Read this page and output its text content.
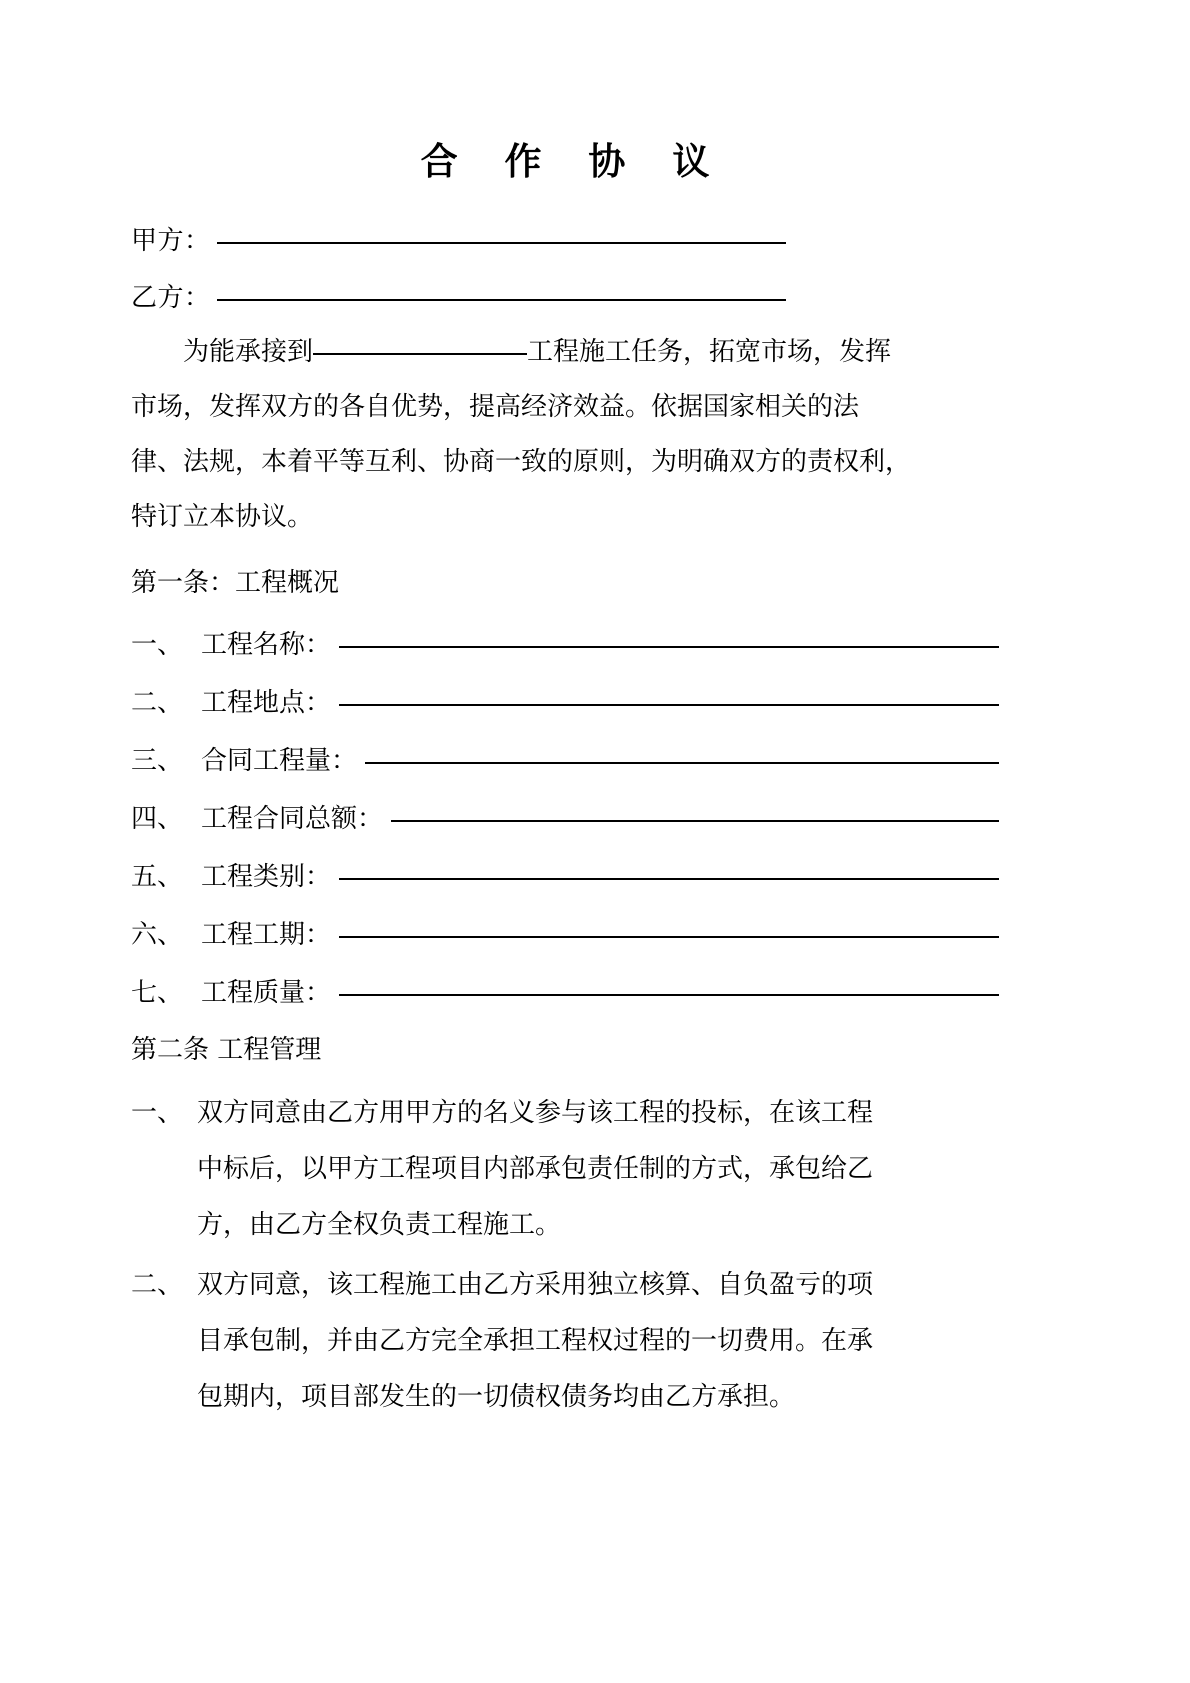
合 作 协 议
甲方：
乙方：
为能承接到	工程施工任务，拓宽市场，发挥
市场，发挥双方的各自优势，提高经济效益。依据国家相关的法
律、法规，本着平等互利、协商一致的原则，为明确双方的责权利，
特订立本协议。
第一条：工程概况
一、 工程名称：
二、 工程地点：
三、 合同工程量：
四、 工程合同总额：
五、 工程类别：
六、 工程工期：
七、 工程质量：
第二条 工程管理
一、 双方同意由乙方用甲方的名义参与该工程的投标，在该工程
中标后，以甲方工程项目内部承包责任制的方式，承包给乙
方，由乙方全权负责工程施工。
二、 双方同意，该工程施工由乙方采用独立核算、自负盈亏的项
目承包制，并由乙方完全承担工程权过程的一切费用。在承
包期内，项目部发生的一切债权债务均由乙方承担。
